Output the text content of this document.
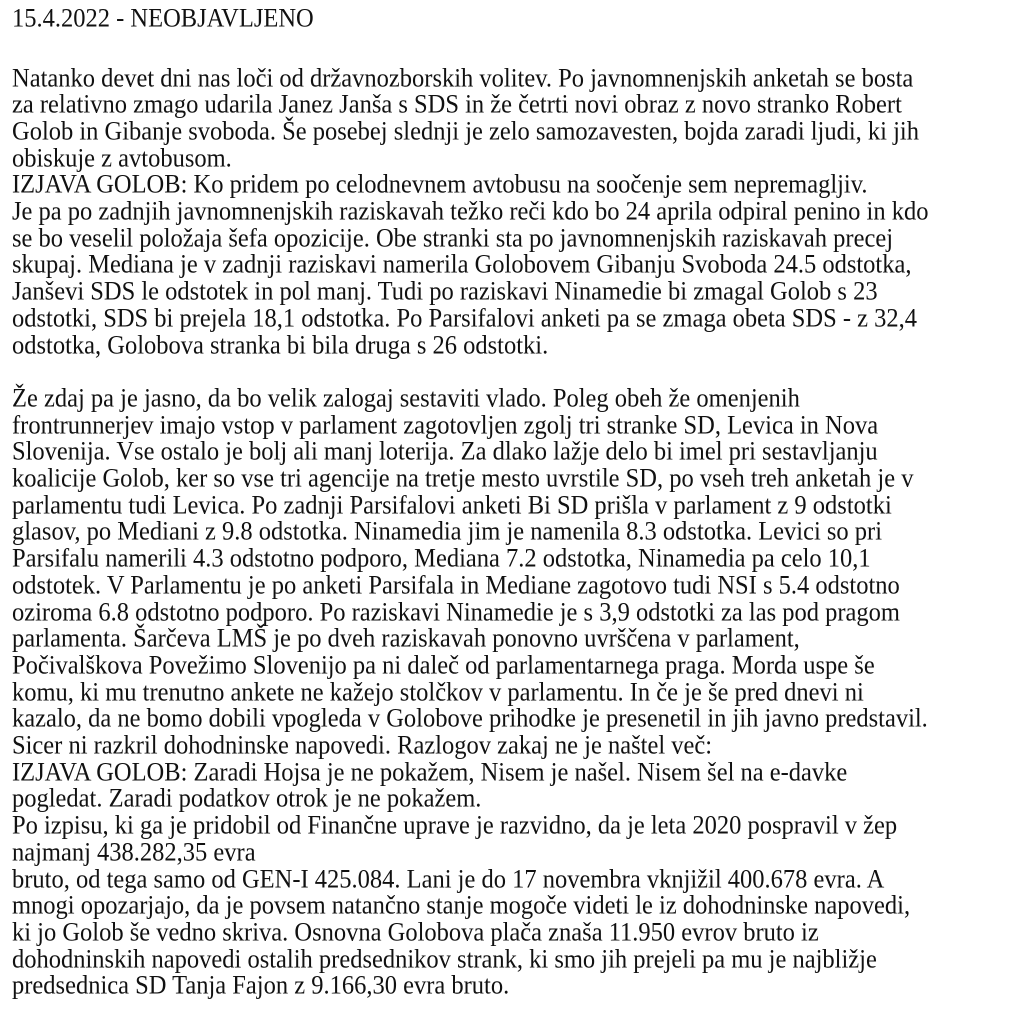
15.4.2022 - NEOBJAVLJENO
Natanko devet dni nas loči od državnozborskih volitev. Po javnomnenjskih anketah se bosta
za relativno zmago udarila Janez Janša s SDS in že četrti novi obraz z novo stranko Robert
Golob in Gibanje svoboda. Še posebej slednji je zelo samozavesten, bojda zaradi ljudi, ki jih
obiskuje z avtobusom.
IZJAVA GOLOB: Ko pridem po celodnevnem avtobusu na soočenje sem nepremagljiv.
Je pa po zadnjih javnomnenjskih raziskavah težko reči kdo bo 24 aprila odpiral penino in kdo
se bo veselil položaja šefa opozicije. Obe stranki sta po javnomnenjskih raziskavah precej
skupaj. Mediana je v zadnji raziskavi namerila Golobovem Gibanju Svoboda 24.5 odstotka,
Janševi SDS le odstotek in pol manj. Tudi po raziskavi Ninamedie bi zmagal Golob s 23
odstotki, SDS bi prejela 18,1 odstotka. Po Parsifalovi anketi pa se zmaga obeta SDS - z 32,4
odstotka, Golobova stranka bi bila druga s 26 odstotki.
Že zdaj pa je jasno, da bo velik zalogaj sestaviti vlado. Poleg obeh že omenjenih
frontrunnerjev imajo vstop v parlament zagotovljen zgolj tri stranke SD, Levica in Nova
Slovenija. Vse ostalo je bolj ali manj loterija. Za dlako lažje delo bi imel pri sestavljanju
koalicije Golob, ker so vse tri agencije na tretje mesto uvrstile SD, po vseh treh anketah je v
parlamentu tudi Levica. Po zadnji Parsifalovi anketi Bi SD prišla v parlament z 9 odstotki
glasov, po Mediani z 9.8 odstotka. Ninamedia jim je namenila 8.3 odstotka. Levici so pri
Parsifalu namerili 4.3 odstotno podporo, Mediana 7.2 odstotka, Ninamedia pa celo 10,1
odstotek. V Parlamentu je po anketi Parsifala in Mediane zagotovo tudi NSI s 5.4 odstotno
oziroma 6.8 odstotno podporo. Po raziskavi Ninamedie je s 3,9 odstotki za las pod pragom
parlamenta. Šarčeva LMŠ je po dveh raziskavah ponovno uvrščena v parlament,
Počivalškova Povežimo Slovenijo pa ni daleč od parlamentarnega praga. Morda uspe še
komu, ki mu trenutno ankete ne kažejo stolčkov v parlamentu. In če je še pred dnevi ni
kazalo, da ne bomo dobili vpogleda v Golobove prihodke je presenetil in jih javno predstavil.
Sicer ni razkril dohodninske napovedi. Razlogov zakaj ne je naštel več:
IZJAVA GOLOB: Zaradi Hojsa je ne pokažem, Nisem je našel. Nisem šel na e-davke
pogledat. Zaradi podatkov otrok je ne pokažem.
Po izpisu, ki ga je pridobil od Finančne uprave je razvidno, da je leta 2020 pospravil v žep
najmanj 438.282,35 evra
bruto, od tega samo od GEN-I 425.084. Lani je do 17 novembra vknjižil 400.678 evra. A
mnogi opozarjajo, da je povsem natančno stanje mogoče videti le iz dohodninske napovedi,
ki jo Golob še vedno skriva. Osnovna Golobova plača znaša 11.950 evrov bruto iz
dohodninskih napovedi ostalih predsednikov strank, ki smo jih prejeli pa mu je najbližje
predsednica SD Tanja Fajon z 9.166,30 evra bruto.
